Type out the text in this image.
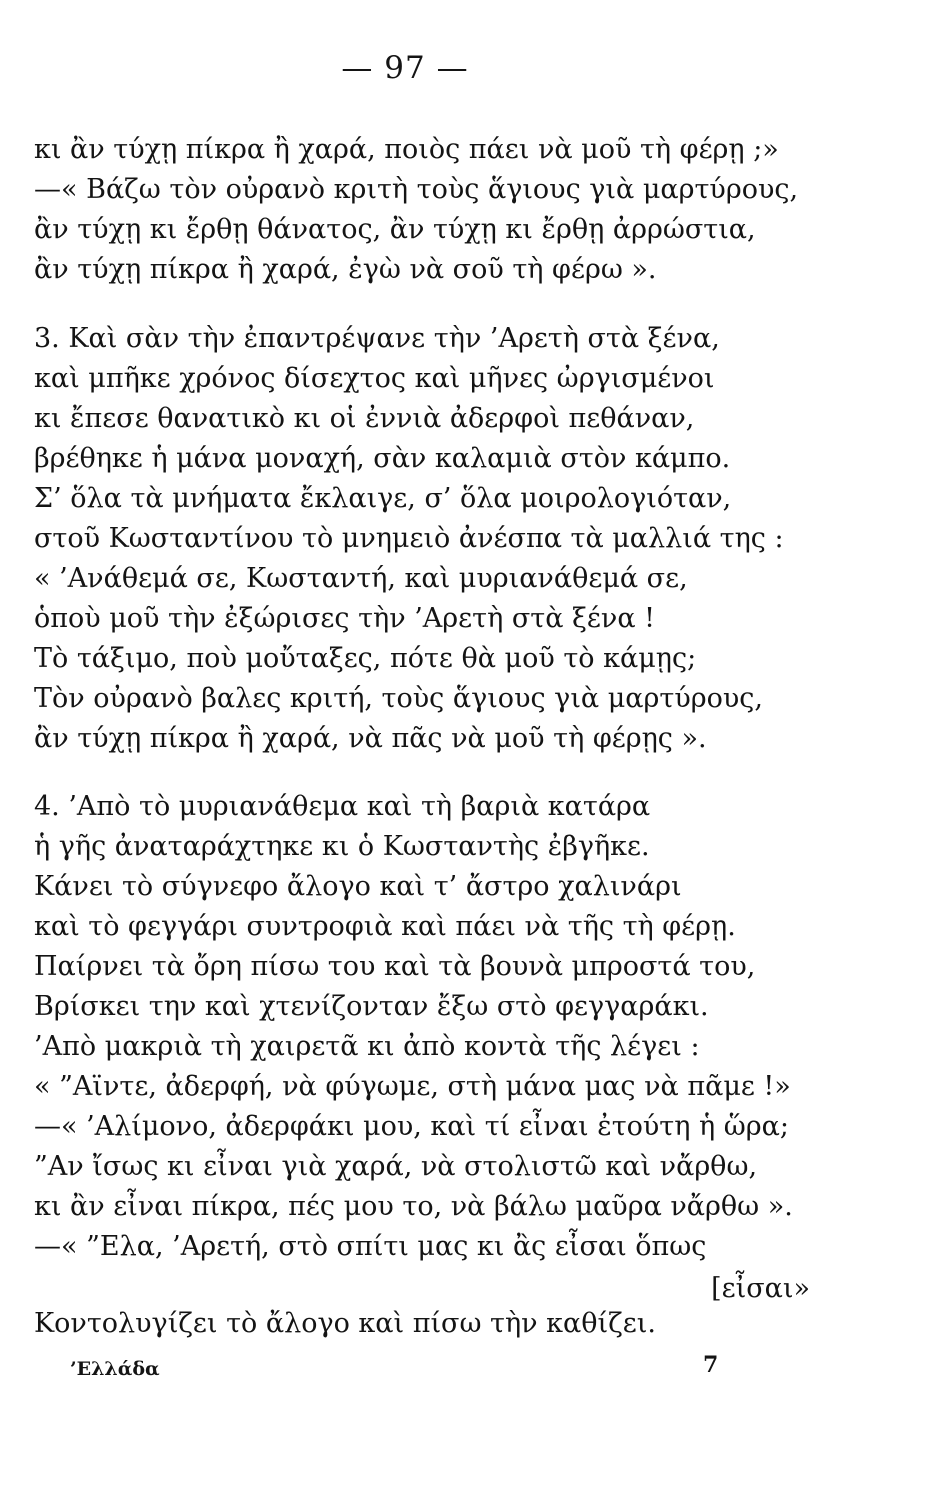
— 97 —
κι ἂν τύχῃ πίκρα ἢ χαρά, ποιὸς πάει νὰ μοῦ τὴ φέρῃ ;»
—« Βάζω τὸν οὐρανὸ κριτὴ τοὺς ἅγιους γιὰ μαρτύρους,
ἂν τύχῃ κι ἔρθῃ θάνατος, ἂν τύχῃ κι ἔρθῃ ἀρρώστια,
ἂν τύχῃ πίκρα ἢ χαρά, ἐγὼ νὰ σοῦ τὴ φέρω ».
3. Καὶ σὰν τὴν ἐπαντρέψανε τὴν ’Αρετὴ στὰ ξένα,
καὶ μπῆκε χρόνος δίσεχτος καὶ μῆνες ὠργισμένοι
κι ἔπεσε θανατικὸ κι οἱ ἐννιὰ ἀδερφοὶ πεθάναν,
βρέθηκε ἡ μάνα μοναχή, σὰν καλαμιὰ στὸν κάμπο.
Σ’ ὅλα τὰ μνήματα ἔκλαιγε, σ’ ὅλα μοιρολογιόταν,
στοῦ Κωσταντίνου τὸ μνημειὸ ἀνέσπα τὰ μαλλιά της :
« ’Ανάθεμά σε, Κωσταντή, καὶ μυριανάθεμά σε,
ὁποὺ μοῦ τὴν ἐξώρισες τὴν ’Αρετὴ στὰ ξένα !
Τὸ τάξιμο, ποὺ μοὔταξες, πότε θὰ μοῦ τὸ κάμῃς;
Τὸν οὐρανὸ βαλες κριτή, τοὺς ἅγιους γιὰ μαρτύρους,
ἂν τύχῃ πίκρα ἢ χαρά, νὰ πᾶς νὰ μοῦ τὴ φέρῃς ».
4. ’Απὸ τὸ μυριανάθεμα καὶ τὴ βαριὰ κατάρα
ἡ γῆς ἀναταράχτηκε κι ὁ Κωσταντὴς ἐβγῆκε.
Κάνει τὸ σύγνεφο ἄλογο καὶ τ’ ἄστρο χαλινάρι
καὶ τὸ φεγγάρι συντροφιὰ καὶ πάει νὰ τῆς τὴ φέρῃ.
Παίρνει τὰ ὄρη πίσω του καὶ τὰ βουνὰ μπροστά του,
Βρίσκει την καὶ χτενίζονταν ἔξω στὸ φεγγαράκι.
’Απὸ μακριὰ τὴ χαιρετᾶ κι ἀπὸ κοντὰ τῆς λέγει :
« ”Αϊντε, ἀδερφή, νὰ φύγωμε, στὴ μάνα μας νὰ πᾶμε !»
—« ’Αλίμονο, ἀδερφάκι μου, καὶ τί εἶναι ἐτούτη ἡ ὥρα;
”Αν ἴσως κι εἶναι γιὰ χαρά, νὰ στολιστῶ καὶ νἄρθω,
κι ἂν εἶναι πίκρα, πές μου το, νὰ βάλω μαῦρα νἄρθω ».
—« ”Ελα, ’Αρετή, στὸ σπίτι μας κι ἂς εἶσαι ὅπως
[εἶσαι»
Κοντολυγίζει τὸ ἄλογο καὶ πίσω τὴν καθίζει.
’Ελλάδα	7
